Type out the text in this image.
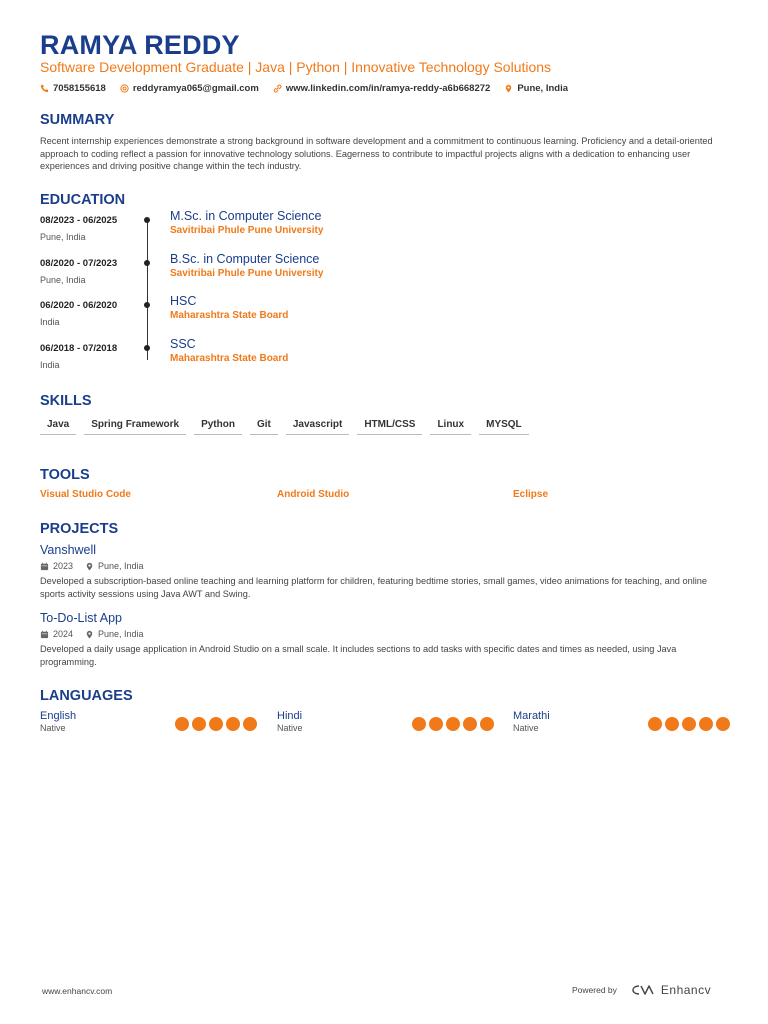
RAMYA REDDY
Software Development Graduate | Java | Python | Innovative Technology Solutions
7058155618	reddyramya065@gmail.com	www.linkedin.com/in/ramya-reddy-a6b668272	Pune, India
SUMMARY
Recent internship experiences demonstrate a strong background in software development and a commitment to continuous learning. Proficiency and a detail-oriented approach to coding reflect a passion for innovative technology solutions. Eagerness to contribute to impactful projects aligns with a dedication to enhancing user experiences and driving positive change within the tech industry.
EDUCATION
08/2023 - 06/2025
Pune, India
M.Sc. in Computer Science
Savitribai Phule Pune University
08/2020 - 07/2023
Pune, India
B.Sc. in Computer Science
Savitribai Phule Pune University
06/2020 - 06/2020
India
HSC
Maharashtra State Board
06/2018 - 07/2018
India
SSC
Maharashtra State Board
SKILLS
Java	Spring Framework	Python	Git	Javascript	HTML/CSS	Linux	MYSQL
TOOLS
Visual Studio Code	Android Studio	Eclipse
PROJECTS
Vanshwell
2023	Pune, India
Developed a subscription-based online teaching and learning platform for children, featuring bedtime stories, small games, video animations for teaching, and online sports activity sessions using Java AWT and Swing.
To-Do-List App
2024	Pune, India
Developed a daily usage application in Android Studio on a small scale. It includes sections to add tasks with specific dates and times as needed, using Java programming.
LANGUAGES
English
Native
Hindi
Native
Marathi
Native
www.enhancv.com	Powered by	Enhancv
